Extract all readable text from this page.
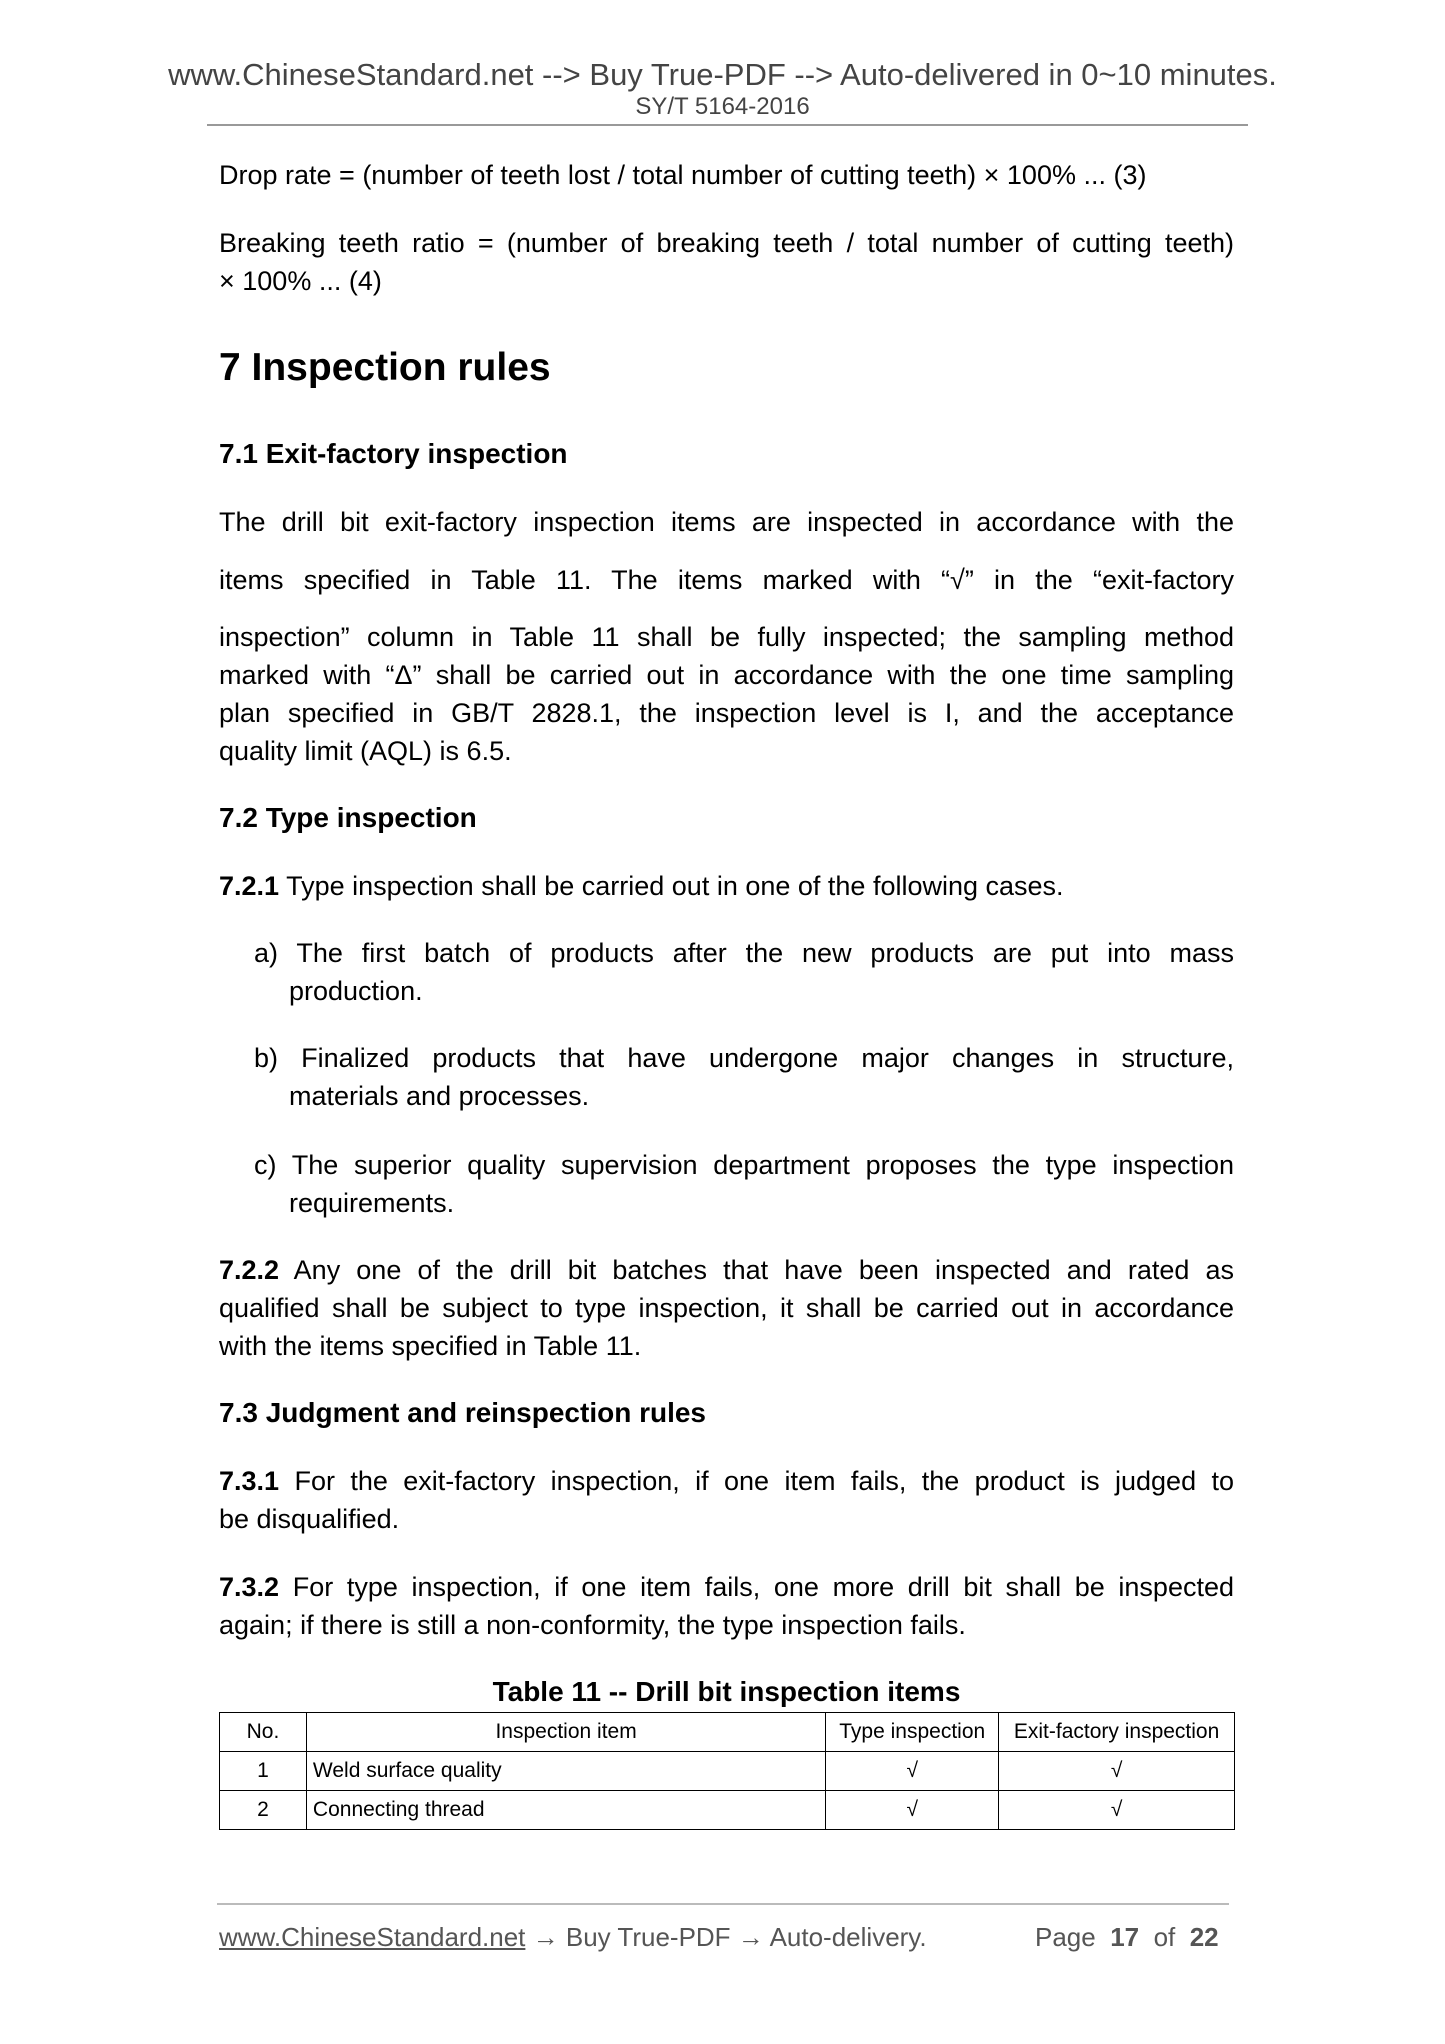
www.ChineseStandard.net --> Buy True-PDF --> Auto-delivered in 0~10 minutes.
SY/T 5164-2016
Drop rate = (number of teeth lost / total number of cutting teeth) × 100% ... (3)
Breaking teeth ratio = (number of breaking teeth / total number of cutting teeth)
× 100% ... (4)
7 Inspection rules
7.1 Exit-factory inspection
The drill bit exit-factory inspection items are inspected in accordance with the
items specified in Table 11. The items marked with “√” in the “exit-factory
inspection” column in Table 11 shall be fully inspected; the sampling method
marked with “Δ” shall be carried out in accordance with the one time sampling
plan specified in GB/T 2828.1, the inspection level is I, and the acceptance
quality limit (AQL) is 6.5.
7.2 Type inspection
7.2.1 Type inspection shall be carried out in one of the following cases.
a) The first batch of products after the new products are put into mass
production.
b) Finalized products that have undergone major changes in structure,
materials and processes.
c) The superior quality supervision department proposes the type inspection
requirements.
7.2.2 Any one of the drill bit batches that have been inspected and rated as
qualified shall be subject to type inspection, it shall be carried out in accordance
with the items specified in Table 11.
7.3 Judgment and reinspection rules
7.3.1 For the exit-factory inspection, if one item fails, the product is judged to
be disqualified.
7.3.2 For type inspection, if one item fails, one more drill bit shall be inspected
again; if there is still a non-conformity, the type inspection fails.
Table 11 -- Drill bit inspection items
No.	Inspection item	Type inspection	Exit-factory inspection
1	Weld surface quality	√	√
2	Connecting thread	√	√
www.ChineseStandard.net → Buy True-PDF → Auto-delivery.	Page 17 of 22
